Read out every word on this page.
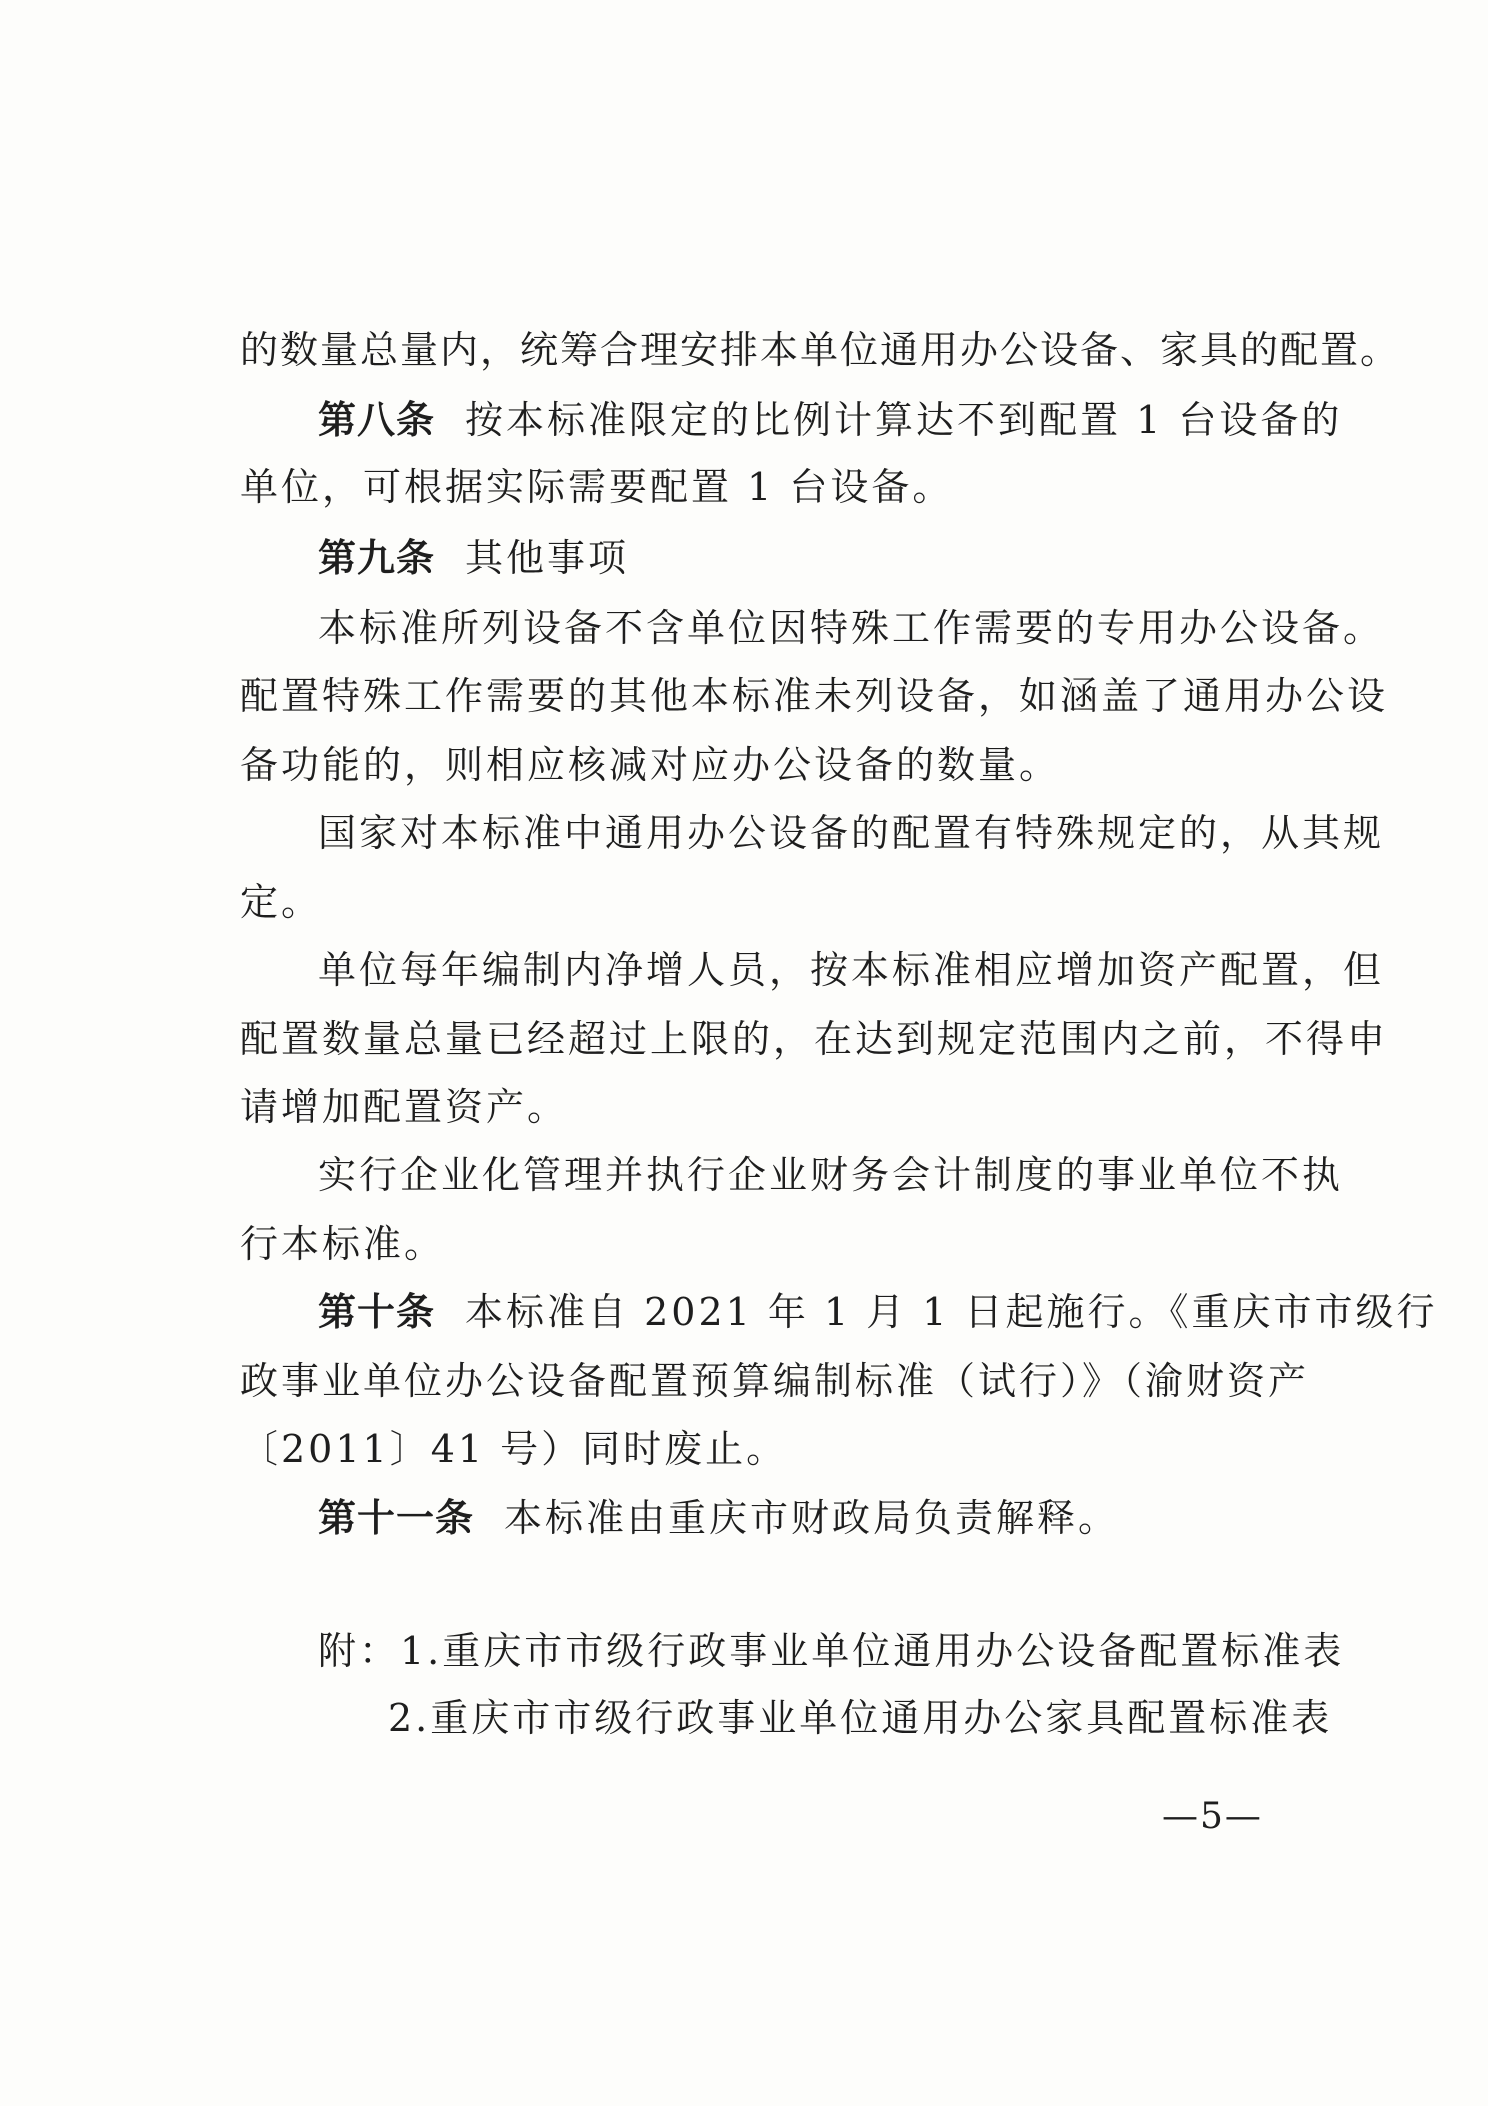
的数量总量内，统筹合理安排本单位通用办公设备、家具的配置。
第八条 按本标准限定的比例计算达不到配置 1 台设备的
单位，可根据实际需要配置 1 台设备。
第九条 其他事项
本标准所列设备不含单位因特殊工作需要的专用办公设备。
配置特殊工作需要的其他本标准未列设备，如涵盖了通用办公设
备功能的，则相应核减对应办公设备的数量。
国家对本标准中通用办公设备的配置有特殊规定的，从其规
定。
单位每年编制内净增人员，按本标准相应增加资产配置，但
配置数量总量已经超过上限的，在达到规定范围内之前，不得申
请增加配置资产。
实行企业化管理并执行企业财务会计制度的事业单位不执
行本标准。
第十条 本标准自 2021 年 1 月 1 日起施行。《重庆市市级行
政事业单位办公设备配置预算编制标准（试行）》（渝财资产
〔2011〕41 号）同时废止。
第十一条 本标准由重庆市财政局负责解释。
附：1.重庆市市级行政事业单位通用办公设备配置标准表
2.重庆市市级行政事业单位通用办公家具配置标准表
—5—
